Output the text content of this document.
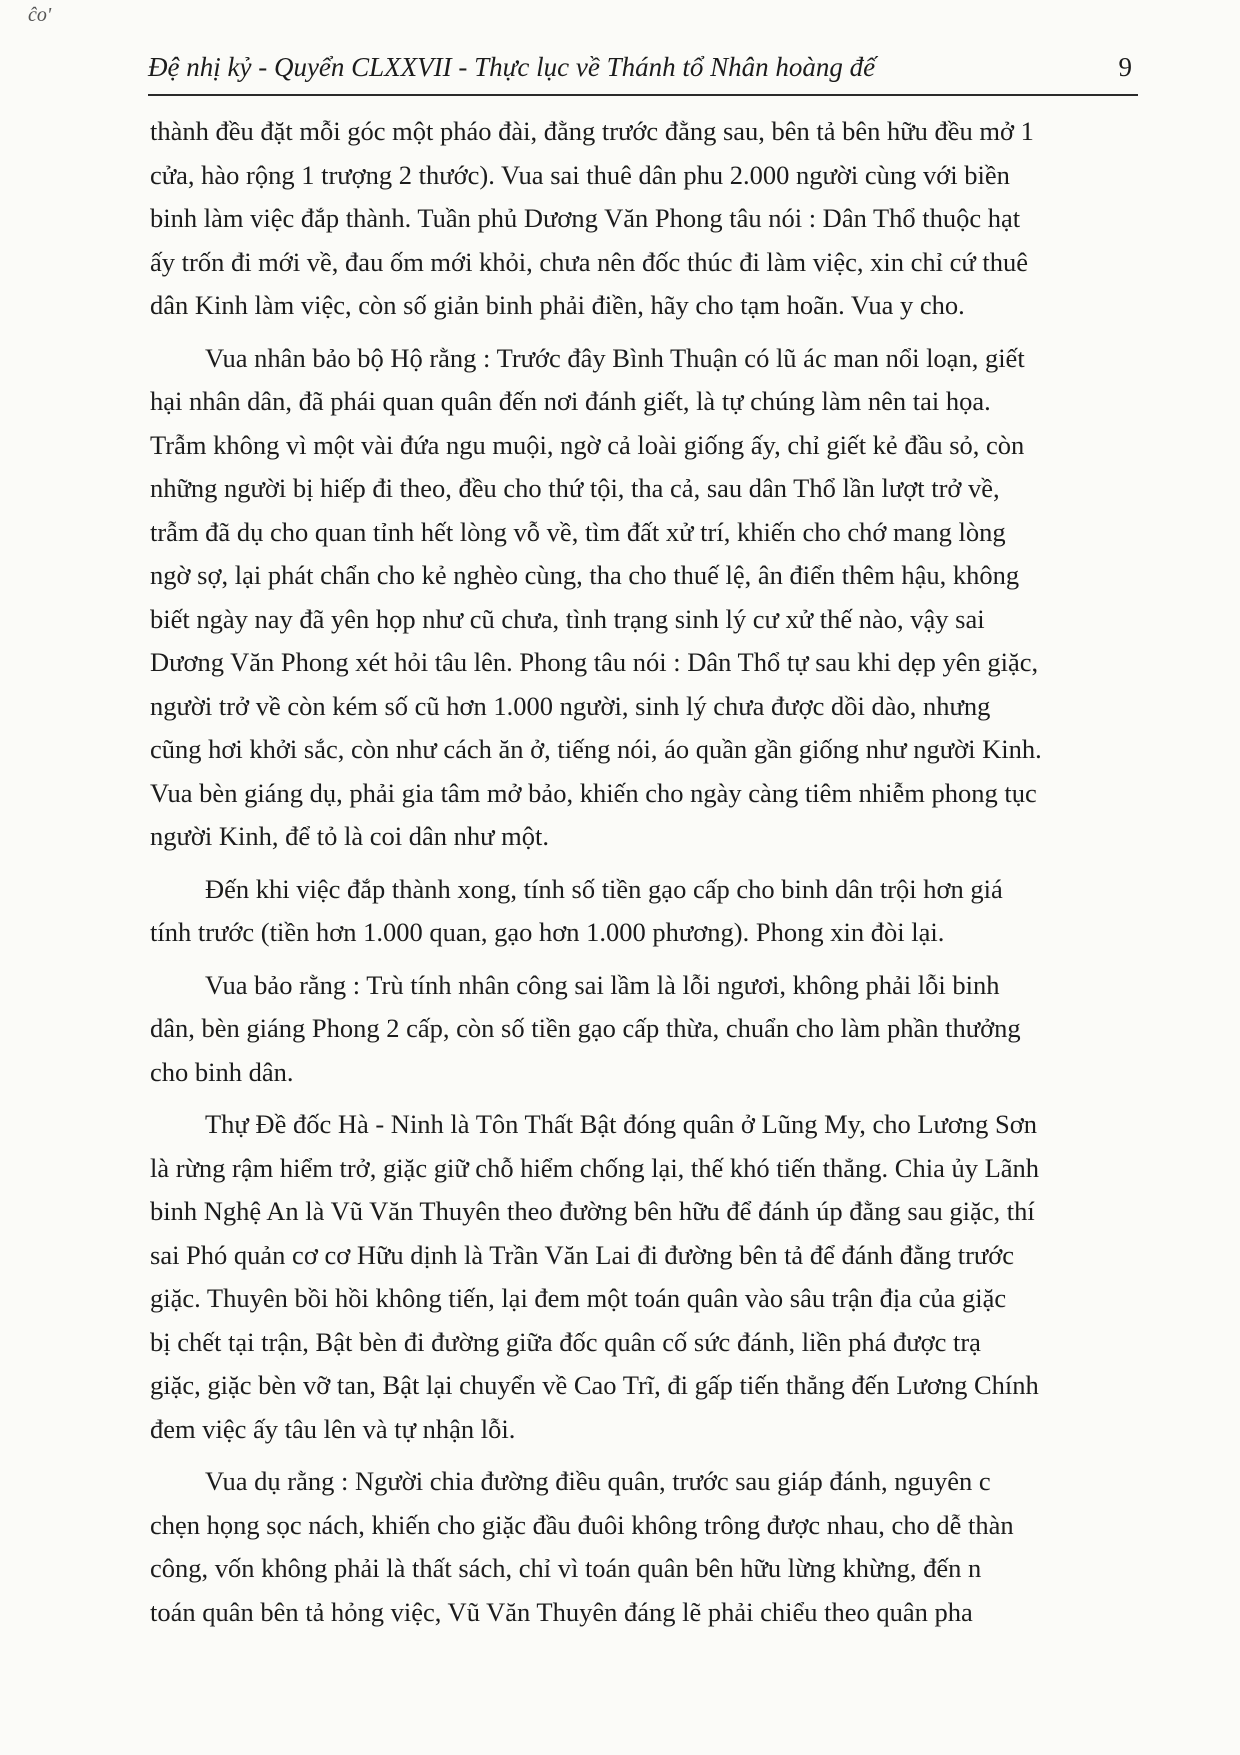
ĉo'
Đệ nhị kỷ - Quyển CLXXVII - Thực lục về Thánh tổ Nhân hoàng đế	9

thành đều đặt mỗi góc một pháo đài, đằng trước đằng sau, bên tả bên hữu đều mở 1
cửa, hào rộng 1 trượng 2 thước). Vua sai thuê dân phu 2.000 người cùng với biền
binh làm việc đắp thành. Tuần phủ Dương Văn Phong tâu nói : Dân Thổ thuộc hạt
ấy trốn đi mới về, đau ốm mới khỏi, chưa nên đốc thúc đi làm việc, xin chỉ cứ thuê
dân Kinh làm việc, còn số giản binh phải điền, hãy cho tạm hoãn. Vua y cho.

Vua nhân bảo bộ Hộ rằng : Trước đây Bình Thuận có lũ ác man nổi loạn, giết
hại nhân dân, đã phái quan quân đến nơi đánh giết, là tự chúng làm nên tai họa.
Trẫm không vì một vài đứa ngu muội, ngờ cả loài giống ấy, chỉ giết kẻ đầu sỏ, còn
những người bị hiếp đi theo, đều cho thứ tội, tha cả, sau dân Thổ lần lượt trở về,
trẫm đã dụ cho quan tỉnh hết lòng vỗ về, tìm đất xử trí, khiến cho chớ mang lòng
ngờ sợ, lại phát chẩn cho kẻ nghèo cùng, tha cho thuế lệ, ân điển thêm hậu, không
biết ngày nay đã yên họp như cũ chưa, tình trạng sinh lý cư xử thế nào, vậy sai
Dương Văn Phong xét hỏi tâu lên. Phong tâu nói : Dân Thổ tự sau khi dẹp yên giặc,
người trở về còn kém số cũ hơn 1.000 người, sinh lý chưa được dồi dào, nhưng
cũng hơi khởi sắc, còn như cách ăn ở, tiếng nói, áo quần gần giống như người Kinh.
Vua bèn giáng dụ, phải gia tâm mở bảo, khiến cho ngày càng tiêm nhiễm phong tục
người Kinh, để tỏ là coi dân như một.

Đến khi việc đắp thành xong, tính số tiền gạo cấp cho binh dân trội hơn giá
tính trước (tiền hơn 1.000 quan, gạo hơn 1.000 phương). Phong xin đòi lại.

Vua bảo rằng : Trù tính nhân công sai lầm là lỗi ngươi, không phải lỗi binh
dân, bèn giáng Phong 2 cấp, còn số tiền gạo cấp thừa, chuẩn cho làm phần thưởng
cho binh dân.

Thự Đề đốc Hà - Ninh là Tôn Thất Bật đóng quân ở Lũng My, cho Lương Sơn
là rừng rậm hiểm trở, giặc giữ chỗ hiểm chống lại, thế khó tiến thẳng. Chia ủy Lãnh
binh Nghệ An là Vũ Văn Thuyên theo đường bên hữu để đánh úp đằng sau giặc, thí
sai Phó quản cơ cơ Hữu dịnh là Trần Văn Lai đi đường bên tả để đánh đằng trước
giặc. Thuyên bồi hồi không tiến, lại đem một toán quân vào sâu trận địa của giặc
bị chết tại trận, Bật bèn đi đường giữa đốc quân cố sức đánh, liền phá được trạ
giặc, giặc bèn vỡ tan, Bật lại chuyển về Cao Trĩ, đi gấp tiến thẳng đến Lương Chính
đem việc ấy tâu lên và tự nhận lỗi.

Vua dụ rằng : Người chia đường điều quân, trước sau giáp đánh, nguyên c
chẹn họng sọc nách, khiến cho giặc đầu đuôi không trông được nhau, cho dễ thàn
công, vốn không phải là thất sách, chỉ vì toán quân bên hữu lừng khừng, đến n
toán quân bên tả hỏng việc, Vũ Văn Thuyên đáng lẽ phải chiểu theo quân pha
